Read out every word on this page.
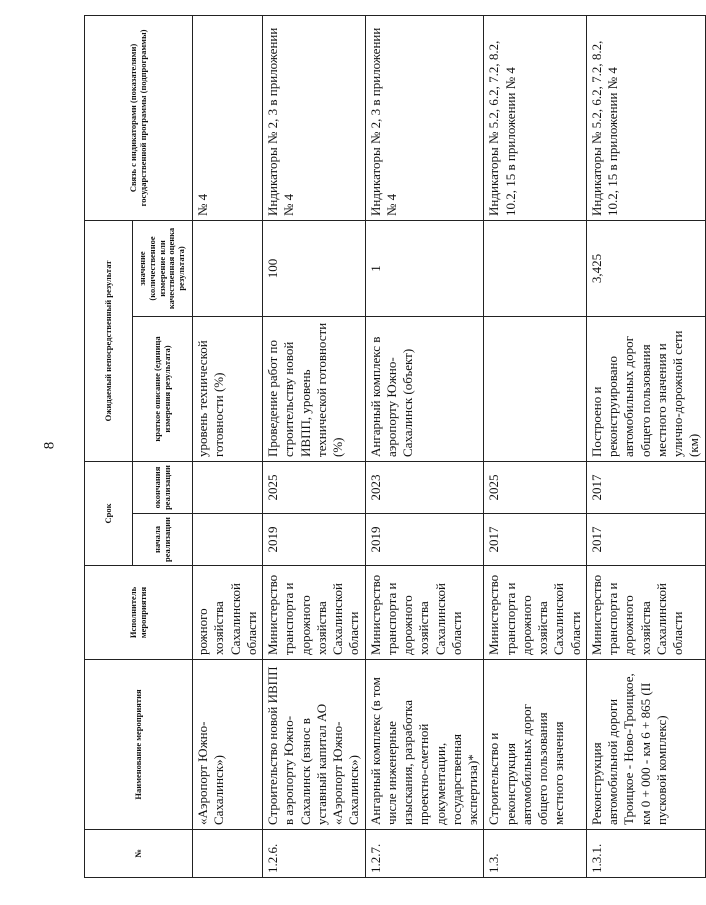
8
№	Наименование мероприятия	Исполнитель мероприятия	Срок		Ожидаемый непосредственный результат		Связь с индикаторами (показателями) государственной программы (подпрограммы)
			начала реализации	окончания реализации	краткое описание (единица измерения результата)	значение (количественное измерение или качественная оценка результата)	
	«Аэропорт Южно-Сахалинск»)	рожного хозяйства Сахалинской области			уровень технической готовности (%)		№ 4
1.2.6.	Строительство новой ИВПП в аэропорту Южно-Сахалинск (взнос в уставный капитал АО «Аэропорт Южно-Сахалинск»)	Министерство транспорта и дорожного хозяйства Сахалинской области	2019	2025	Проведение работ по строительству новой ИВПП, уровень технической готовности (%)	100	Индикаторы № 2, 3 в приложении № 4
1.2.7.	Ангарный комплекс (в том числе инженерные изыскания, разработка проектно-сметной документации, государственная экспертиза)*	Министерство транспорта и дорожного хозяйства Сахалинской области	2019	2023	Ангарный комплекс в аэропорту Южно-Сахалинск (объект)	1	Индикаторы № 2, 3 в приложении № 4
1.3.	Строительство и реконструкция автомобильных дорог общего пользования местного значения	Министерство транспорта и дорожного хозяйства Сахалинской области	2017	2025			Индикаторы № 5.2, 6.2, 7.2, 8.2, 10.2, 15 в приложении № 4
1.3.1.	Реконструкция автомобильной дороги Троицкое - Ново-Троицкое, км 0 + 000 - км 6 + 865 (II пусковой комплекс)	Министерство транспорта и дорожного хозяйства Сахалинской области	2017	2017	Построено и реконструировано автомобильных дорог общего пользования местного значения и улично-дорожной сети (км)	3,425	Индикаторы № 5.2, 6.2, 7.2, 8.2, 10.2, 15 в приложении № 4
